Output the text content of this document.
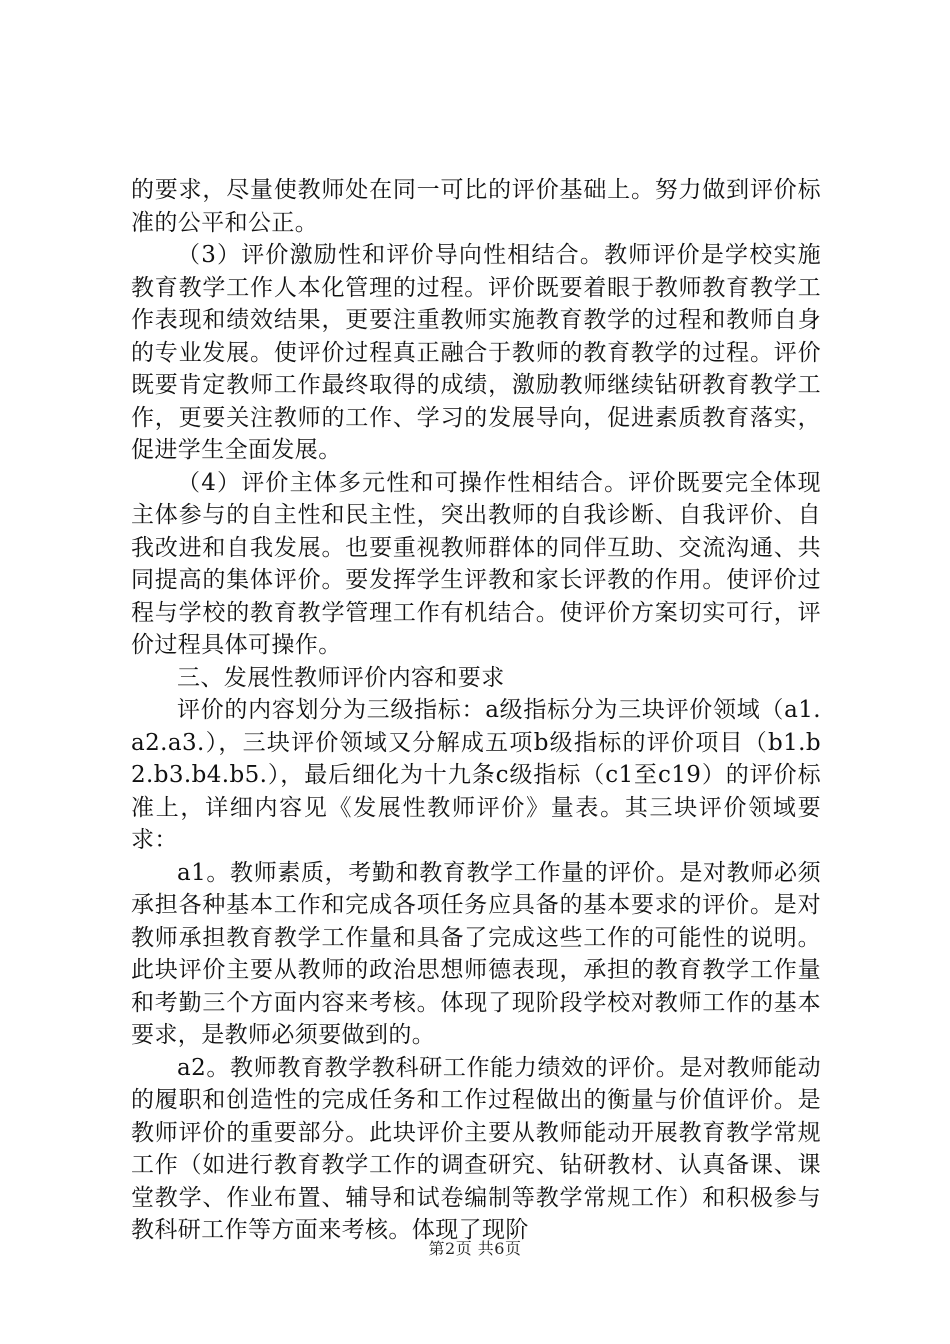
的要求，尽量使教师处在同一可比的评价基础上。努力做到评价标准的公平和公正。

（3）评价激励性和评价导向性相结合。教师评价是学校实施教育教学工作人本化管理的过程。评价既要着眼于教师教育教学工作表现和绩效结果，更要注重教师实施教育教学的过程和教师自身的专业发展。使评价过程真正融合于教师的教育教学的过程。评价既要肯定教师工作最终取得的成绩，激励教师继续钻研教育教学工作，更要关注教师的工作、学习的发展导向，促进素质教育落实，促进学生全面发展。

（4）评价主体多元性和可操作性相结合。评价既要完全体现主体参与的自主性和民主性，突出教师的自我诊断、自我评价、自我改进和自我发展。也要重视教师群体的同伴互助、交流沟通、共同提高的集体评价。要发挥学生评教和家长评教的作用。使评价过程与学校的教育教学管理工作有机结合。使评价方案切实可行，评价过程具体可操作。

三、发展性教师评价内容和要求

评价的内容划分为三级指标：a级指标分为三块评价领域（a1.a2.a3.），三块评价领域又分解成五项b级指标的评价项目（b1.b2.b3.b4.b5.），最后细化为十九条c级指标（c1至c19）的评价标准上，详细内容见《发展性教师评价》量表。其三块评价领域要求：

a1。教师素质，考勤和教育教学工作量的评价。是对教师必须承担各种基本工作和完成各项任务应具备的基本要求的评价。是对教师承担教育教学工作量和具备了完成这些工作的可能性的说明。此块评价主要从教师的政治思想师德表现，承担的教育教学工作量和考勤三个方面内容来考核。体现了现阶段学校对教师工作的基本要求，是教师必须要做到的。

a2。教师教育教学教科研工作能力绩效的评价。是对教师能动的履职和创造性的完成任务和工作过程做出的衡量与价值评价。是教师评价的重要部分。此块评价主要从教师能动开展教育教学常规工作（如进行教育教学工作的调查研究、钻研教材、认真备课、课堂教学、作业布置、辅导和试卷编制等教学常规工作）和积极参与教科研工作等方面来考核。体现了现阶

第2页 共6页
